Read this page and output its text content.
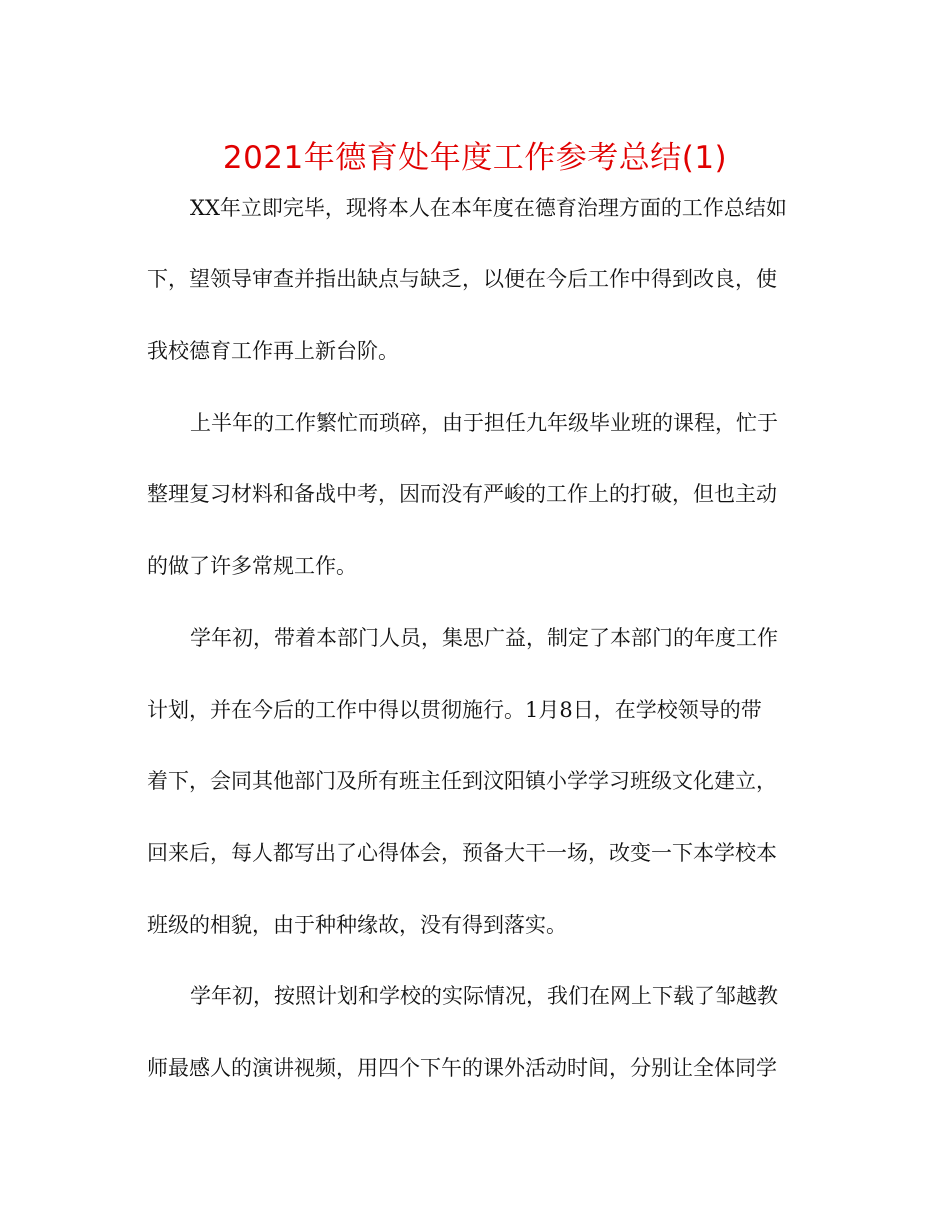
2021年德育处年度工作参考总结(1)
XX年立即完毕，现将本人在本年度在德育治理方面的工作总结如
下，望领导审查并指出缺点与缺乏，以便在今后工作中得到改良，使
我校德育工作再上新台阶。
上半年的工作繁忙而琐碎，由于担任九年级毕业班的课程，忙于
整理复习材料和备战中考，因而没有严峻的工作上的打破，但也主动
的做了许多常规工作。
学年初，带着本部门人员，集思广益，制定了本部门的年度工作
计划，并在今后的工作中得以贯彻施行。1月8日，在学校领导的带
着下，会同其他部门及所有班主任到汶阳镇小学学习班级文化建立，
回来后，每人都写出了心得体会，预备大干一场，改变一下本学校本
班级的相貌，由于种种缘故，没有得到落实。
学年初，按照计划和学校的实际情况，我们在网上下载了邹越教
师最感人的演讲视频，用四个下午的课外活动时间，分别让全体同学
